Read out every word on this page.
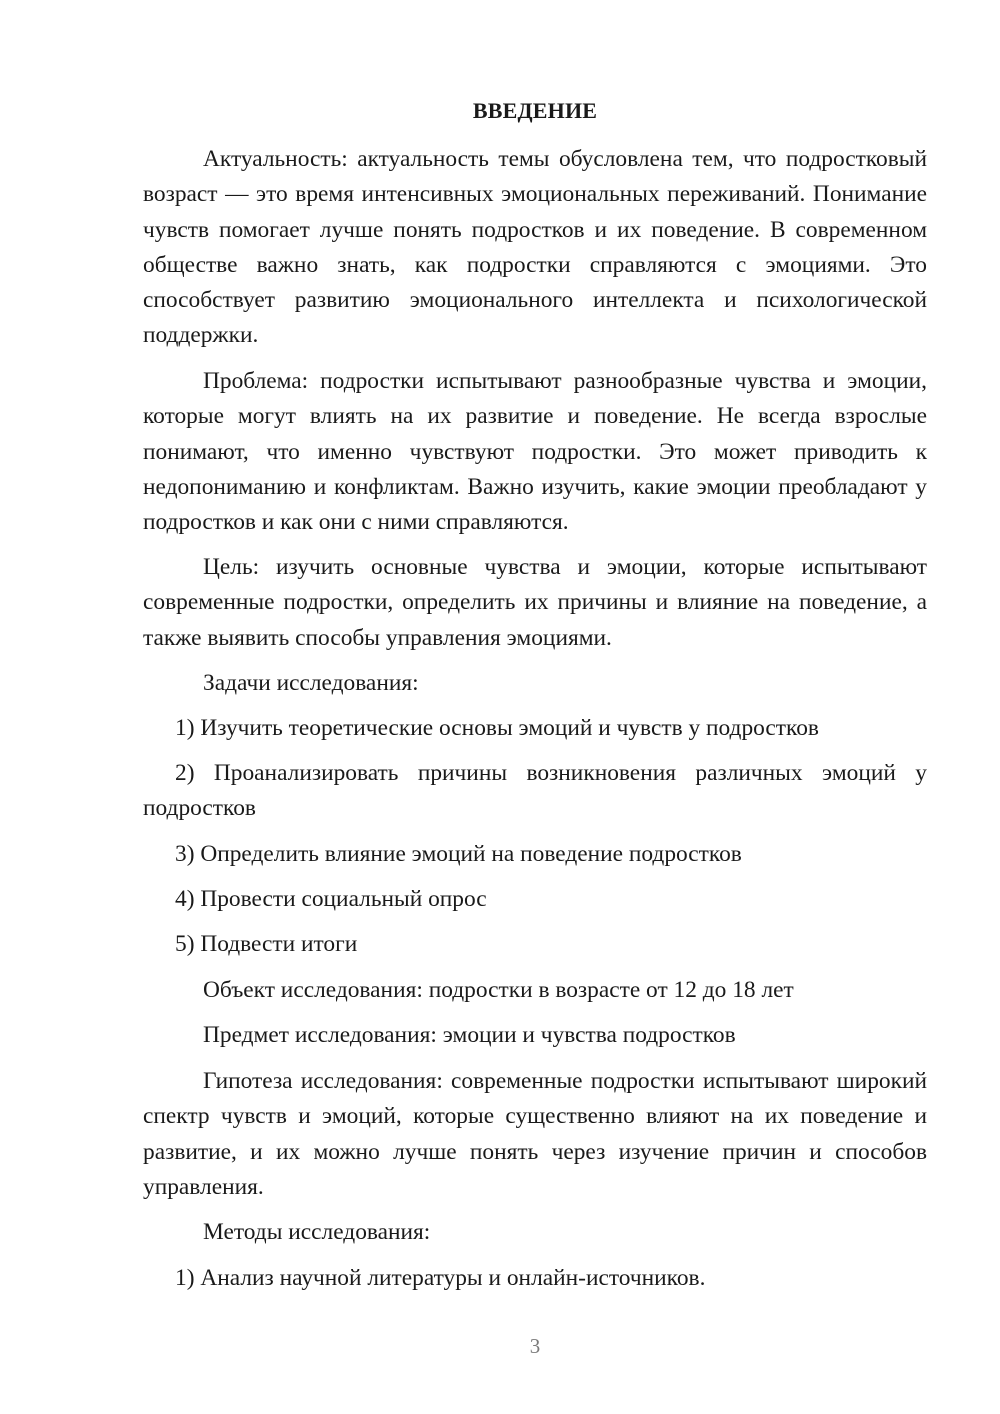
ВВЕДЕНИЕ

Актуальность: актуальность темы обусловлена тем, что подростковый возраст — это время интенсивных эмоциональных переживаний. Понимание чувств помогает лучше понять подростков и их поведение. В современном обществе важно знать, как подростки справляются с эмоциями. Это способствует развитию эмоционального интеллекта и психологической поддержки.

Проблема: подростки испытывают разнообразные чувства и эмоции, которые могут влиять на их развитие и поведение. Не всегда взрослые понимают, что именно чувствуют подростки. Это может приводить к недопониманию и конфликтам. Важно изучить, какие эмоции преобладают у подростков и как они с ними справляются.

Цель: изучить основные чувства и эмоции, которые испытывают современные подростки, определить их причины и влияние на поведение, а также выявить способы управления эмоциями.

Задачи исследования:

1) Изучить теоретические основы эмоций и чувств у подростков

2) Проанализировать причины возникновения различных эмоций у подростков

3) Определить влияние эмоций на поведение подростков

4) Провести социальный опрос

5) Подвести итоги

Объект исследования: подростки в возрасте от 12 до 18 лет

Предмет исследования: эмоции и чувства подростков

Гипотеза исследования: современные подростки испытывают широкий спектр чувств и эмоций, которые существенно влияют на их поведение и развитие, и их можно лучше понять через изучение причин и способов управления.

Методы исследования:

1) Анализ научной литературы и онлайн-источников.

3
